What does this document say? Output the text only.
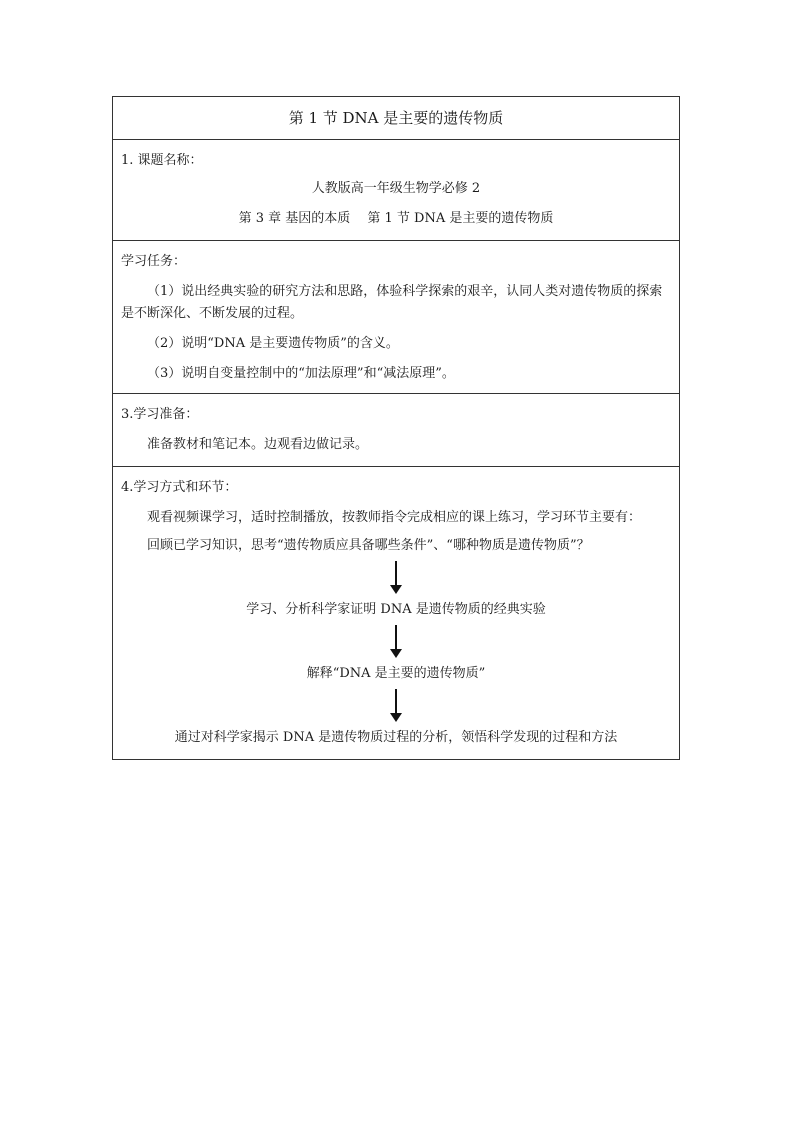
第 1 节 DNA 是主要的遗传物质
1. 课题名称：
人教版高一年级生物学必修 2
第 3 章 基因的本质　 第 1 节 DNA 是主要的遗传物质
学习任务：
（1）说出经典实验的研究方法和思路，体验科学探索的艰辛，认同人类对遗传物质的探索是不断深化、不断发展的过程。
（2）说明“DNA 是主要遗传物质”的含义。
（3）说明自变量控制中的“加法原理”和“减法原理”。
3.学习准备：
准备教材和笔记本。边观看边做记录。
4.学习方式和环节：
观看视频课学习，适时控制播放，按教师指令完成相应的课上练习，学习环节主要有：
回顾已学习知识，思考“遗传物质应具备哪些条件”、“哪种物质是遗传物质”？
学习、分析科学家证明 DNA 是遗传物质的经典实验
解释“DNA 是主要的遗传物质”
通过对科学家揭示 DNA 是遗传物质过程的分析，领悟科学发现的过程和方法
